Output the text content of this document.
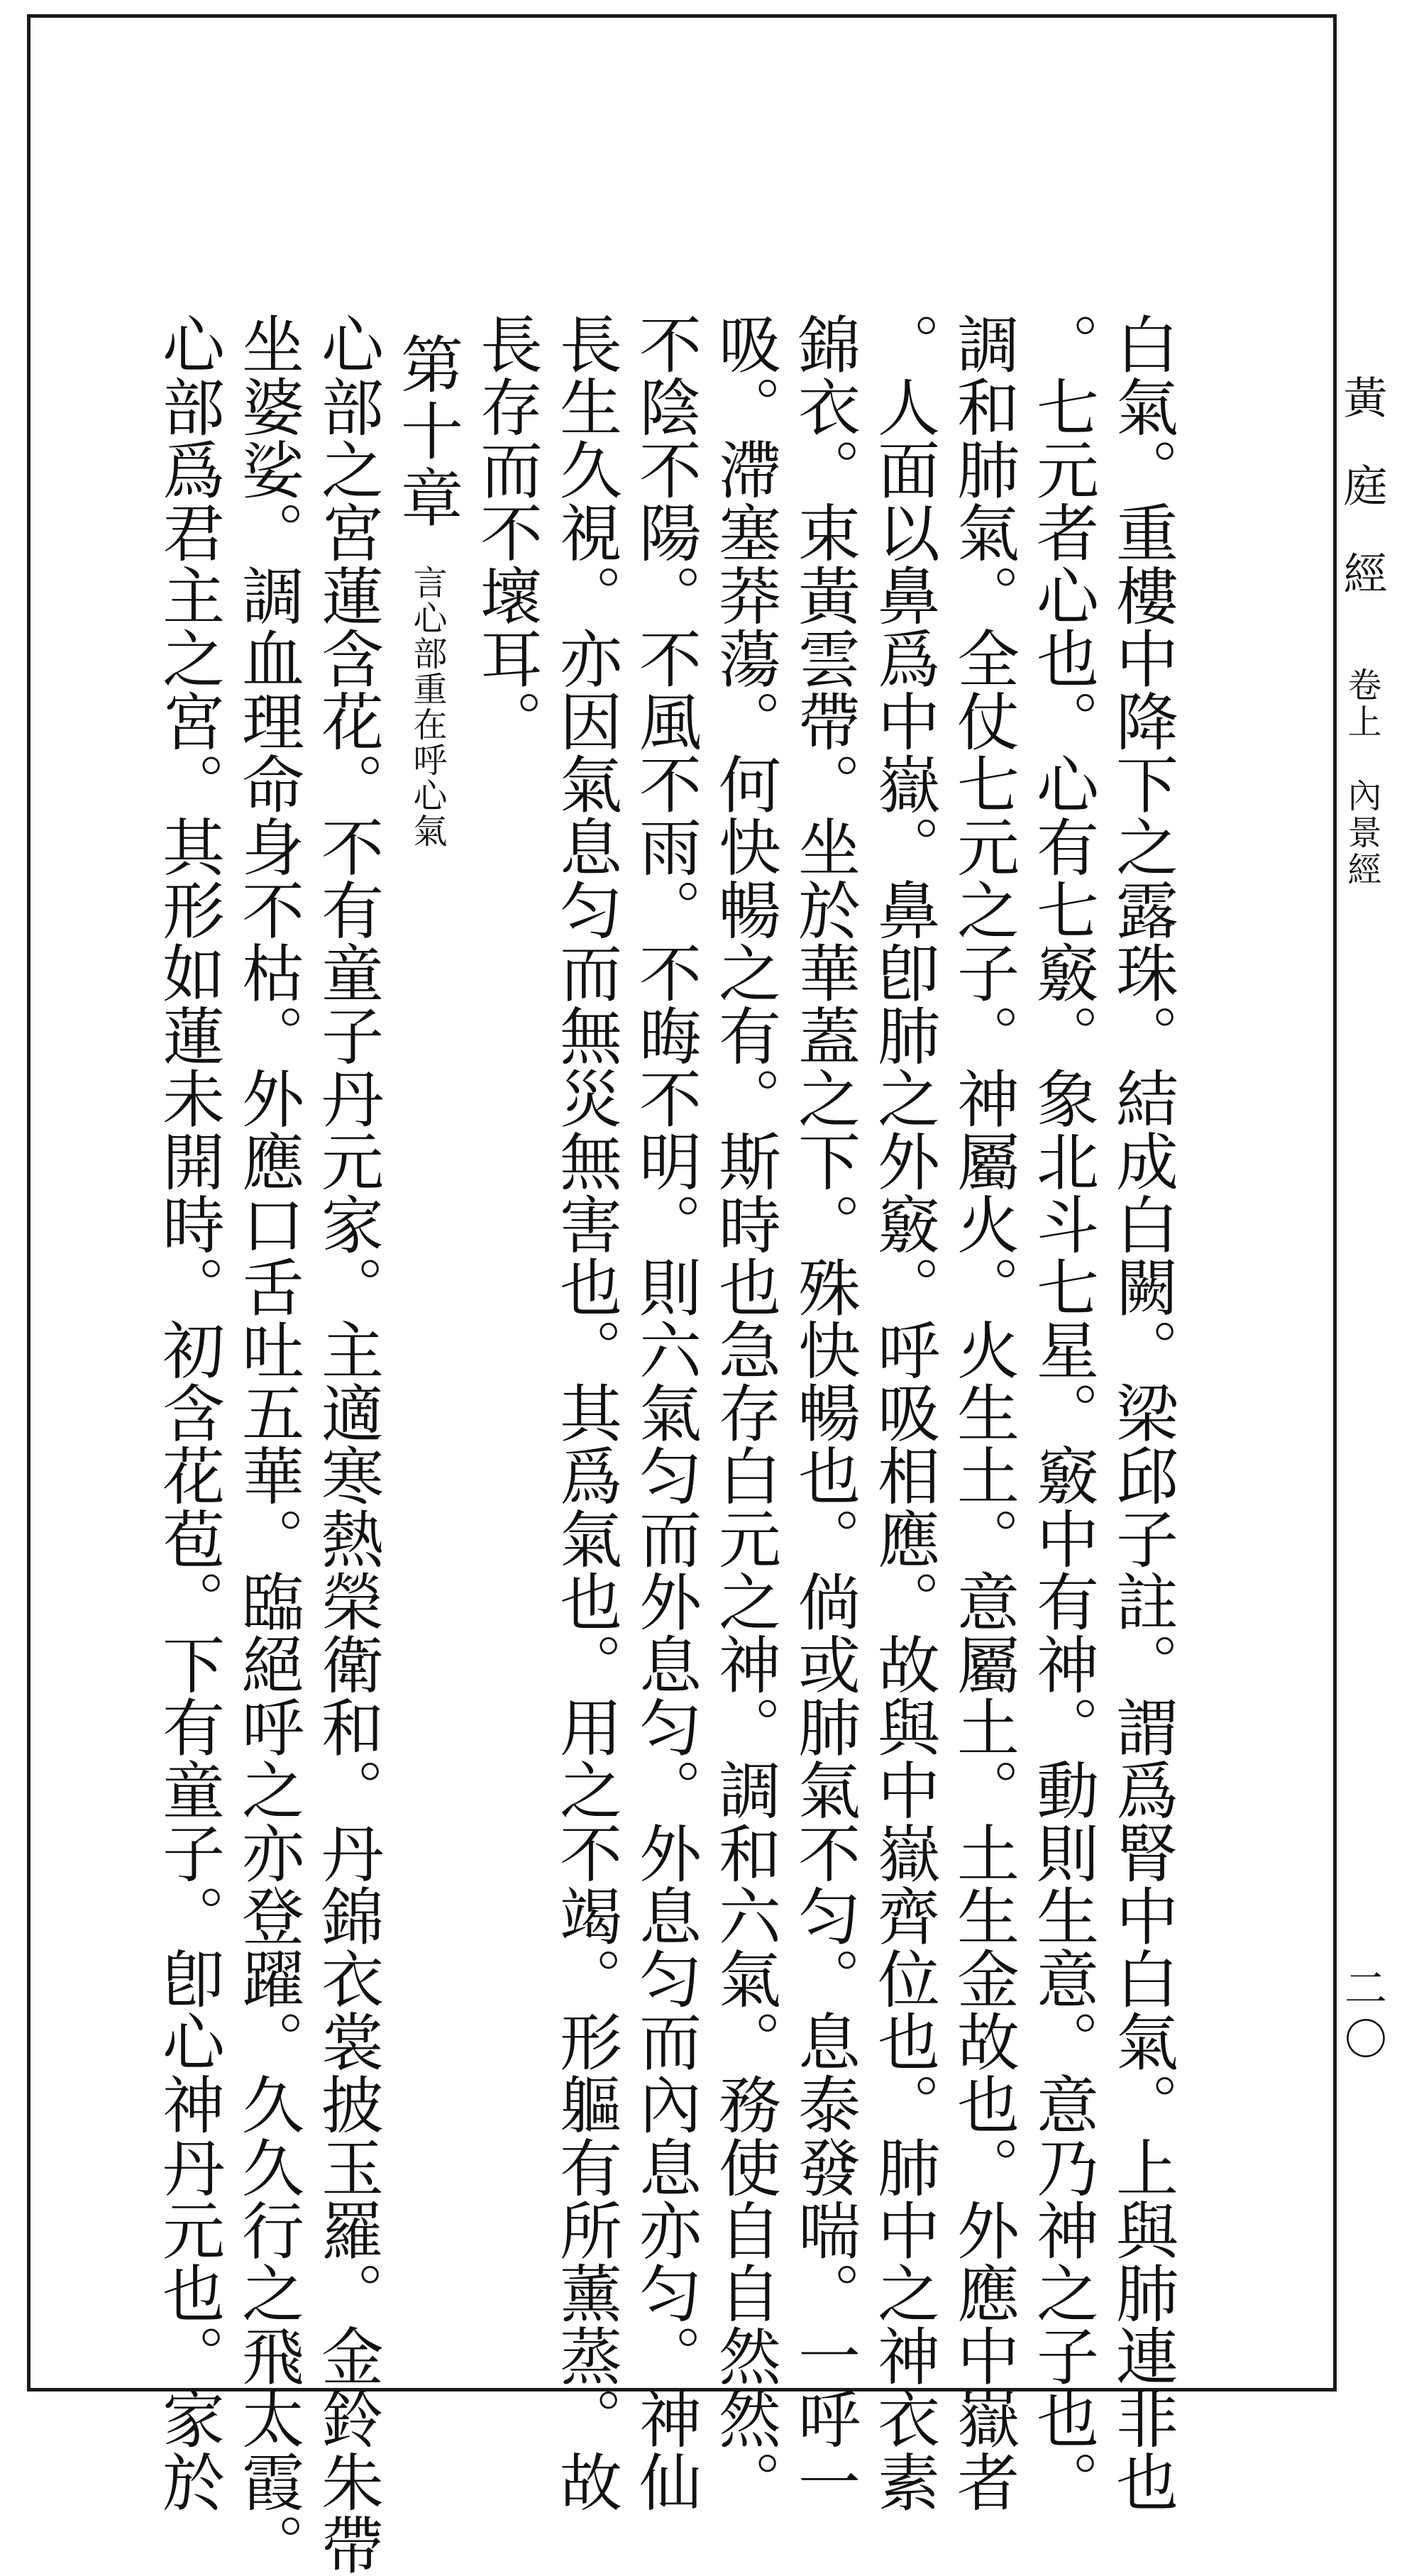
黃庭經卷上內景經
白氣。重樓中降下之露珠。結成白闕。梁邱子註。謂爲腎中白氣。上與肺連非也
。七元者心也。心有七竅。象北斗七星。竅中有神。動則生意。意乃神之子也。
調和肺氣。全仗七元之子。神屬火。火生土。意屬土。土生金故也。外應中嶽者
。人面以鼻爲中嶽。鼻卽肺之外竅。呼吸相應。故與中嶽齊位也。肺中之神衣素
錦衣。束黃雲帶。坐於華蓋之下。殊快暢也。倘或肺氣不匀。息泰發喘。一呼一
吸。滯塞莽蕩。何快暢之有。斯時也急存白元之神。調和六氣。務使自自然然。
不陰不陽。不風不雨。不晦不明。則六氣匀而外息匀。外息匀而內息亦匀。神仙
長生久視。亦因氣息匀而無災無害也。其爲氣也。用之不竭。形軀有所薰蒸。故
長存而不壞耳。
第十章言心部重在呼心氣
心部之宮蓮含花。不有童子丹元家。主適寒熱榮衛和。丹錦衣裳披玉羅。金鈴朱帶
坐婆娑。調血理命身不枯。外應口舌吐五華。臨絕呼之亦登躍。久久行之飛太霞。
心部爲君主之宮。其形如蓮未開時。初含花苞。下有童子。卽心神丹元也。家於	二〇
